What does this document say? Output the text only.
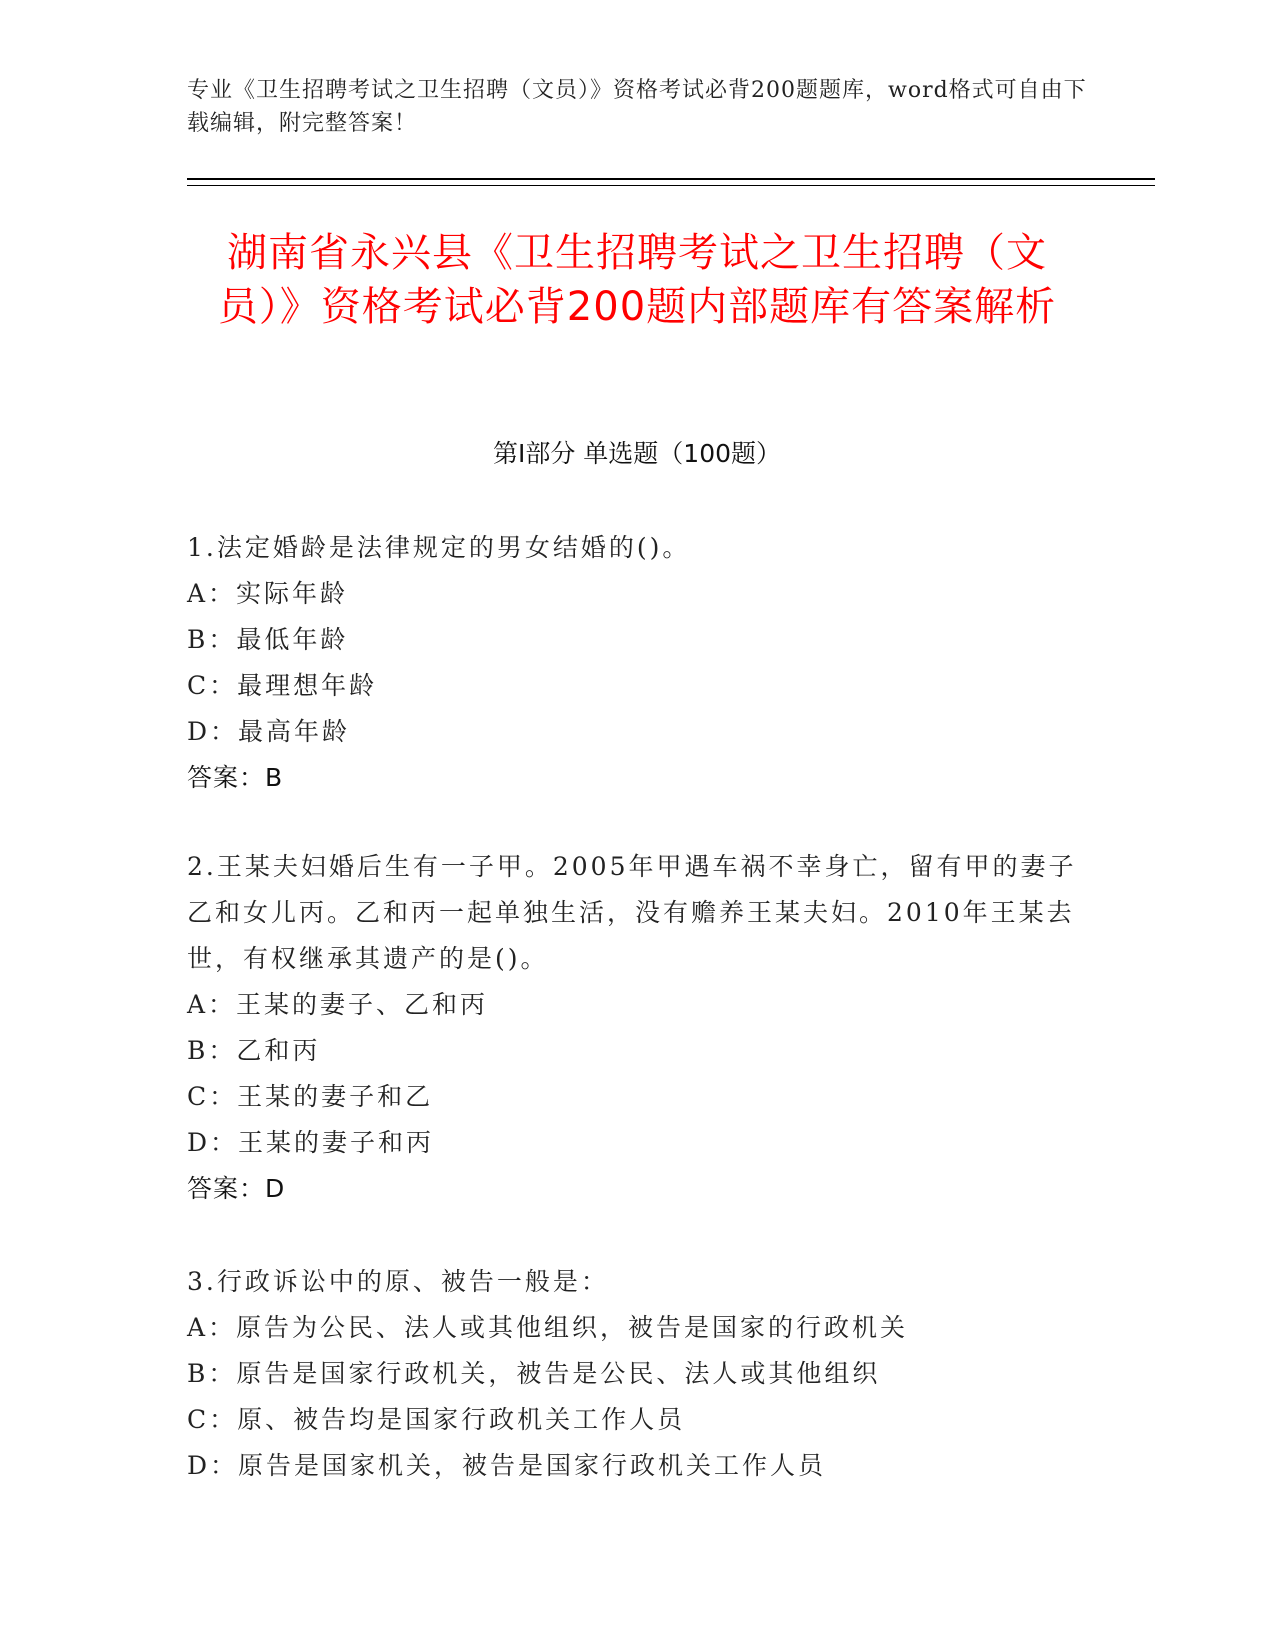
专业《卫生招聘考试之卫生招聘（文员）》资格考试必背200题题库，word格式可自由下载编辑，附完整答案！
湖南省永兴县《卫生招聘考试之卫生招聘（文员）》资格考试必背200题内部题库有答案解析
第I部分 单选题（100题）
1.法定婚龄是法律规定的男女结婚的()。
A：实际年龄
B：最低年龄
C：最理想年龄
D：最高年龄
答案：B
2.王某夫妇婚后生有一子甲。2005年甲遇车祸不幸身亡，留有甲的妻子乙和女儿丙。乙和丙一起单独生活，没有赡养王某夫妇。2010年王某去世，有权继承其遗产的是()。
A：王某的妻子、乙和丙
B：乙和丙
C：王某的妻子和乙
D：王某的妻子和丙
答案：D
3.行政诉讼中的原、被告一般是：
A：原告为公民、法人或其他组织，被告是国家的行政机关
B：原告是国家行政机关，被告是公民、法人或其他组织
C：原、被告均是国家行政机关工作人员
D：原告是国家机关，被告是国家行政机关工作人员
